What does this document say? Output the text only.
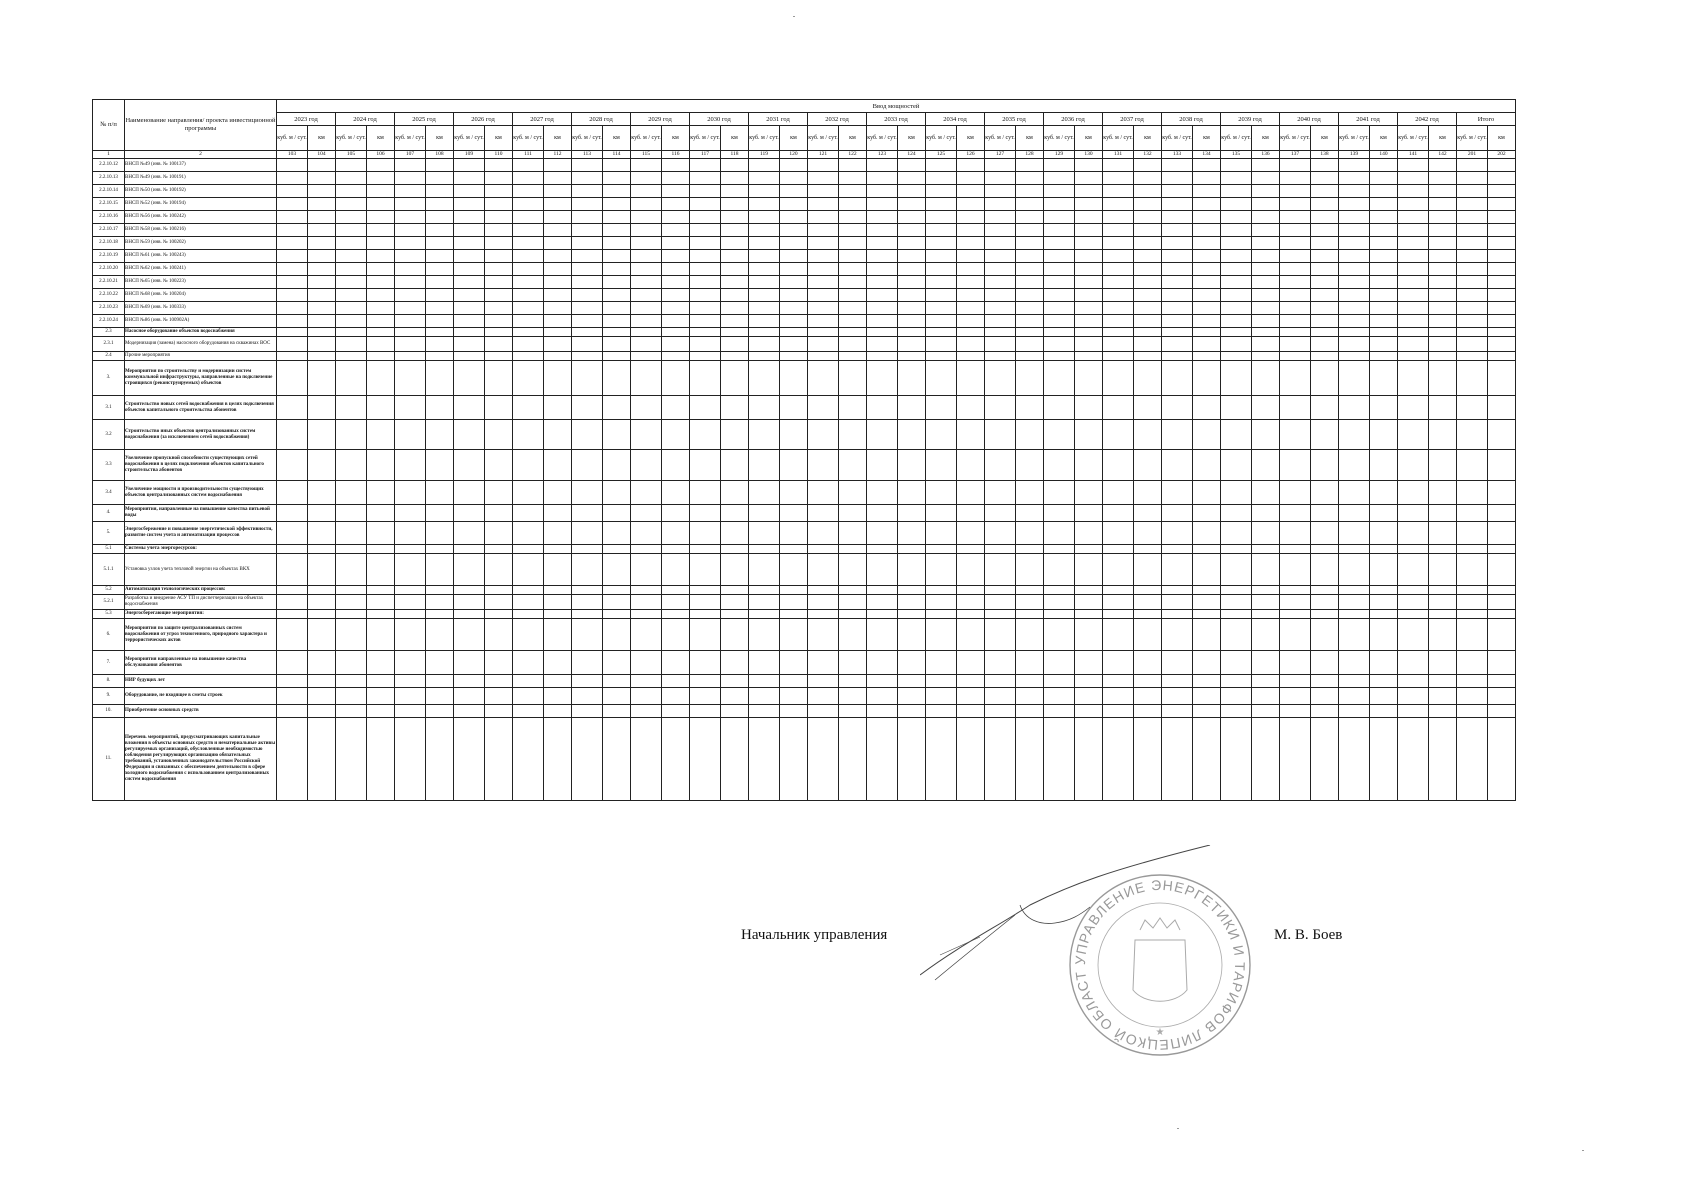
№ п/п	Наименование направления/ проекта инвестиционной программы	Ввод мощностей																																									
		2023 год		2024 год		2025 год		2026 год		2027 год		2028 год		2029 год		2030 год		2031 год		2032 год		2033 год		2034 год		2035 год		2036 год		2037 год		2038 год		2039 год		2040 год		2041 год		2042 год		Итого	
		куб. м / сут.	км	куб. м / сут.	км	куб. м / сут.	км	куб. м / сут.	км	куб. м / сут.	км	куб. м / сут.	км	куб. м / сут.	км	куб. м / сут.	км	куб. м / сут.	км	куб. м / сут.	км	куб. м / сут.	км	куб. м / сут.	км	куб. м / сут.	км	куб. м / сут.	км	куб. м / сут.	км	куб. м / сут.	км	куб. м / сут.	км	куб. м / сут.	км	куб. м / сут.	км	куб. м / сут.	км	куб. м / сут.	км
1	2	103	104	105	106	107	108	109	110	111	112	113	114	115	116	117	118	119	120	121	122	123	124	125	126	127	128	129	130	131	132	133	134	135	136	137	138	139	140	141	142	201	202
2.2.10.12	ВНСП №49 (инв. № 100137)																																										
2.2.10.13	ВНСП №49 (инв. № 100191)																																										
2.2.10.14	ВНСП №50 (инв. № 100192)																																										
2.2.10.15	ВНСП №52 (инв. № 100194)																																										
2.2.10.16	ВНСП №56 (инв. № 100242)																																										
2.2.10.17	ВНСП №58 (инв. № 100216)																																										
2.2.10.18	ВНСП №59 (инв. № 100202)																																										
2.2.10.19	ВНСП №61 (инв. № 100243)																																										
2.2.10.20	ВНСП №62 (инв. № 100241)																																										
2.2.10.21	ВНСП №65 (инв. № 100223)																																										
2.2.10.22	ВНСП №68 (инв. № 100204)																																										
2.2.10.23	ВНСП №69 (инв. № 100333)																																										
2.2.10.24	ВНСП №86 (инв. № 100902А)																																										
2.3	Насосное оборудование объектов водоснабжения																																										
2.3.1	Модернизация (замена) насосного оборудования на скважинах ВОС																																										
2.4	Прочие мероприятия																																										
3.	Мероприятия по строительству и модернизации систем коммунальной инфраструктуры, направленные на подключение строящихся (реконструируемых) объектов																																										
3.1	Строительство новых сетей водоснабжения в целях подключения объектов капитального строительства абонентов																																										
3.2	Строительство иных объектов централизованных систем водоснабжения (за исключением сетей водоснабжения)																																										
3.3	Увеличение пропускной способности существующих сетей водоснабжения в целях подключения объектов капитального строительства абонентов																																										
3.4	Увеличение мощности и производительности существующих объектов централизованных систем водоснабжения																																										
4.	Мероприятия, направленные на повышение качества питьевой воды																																										
5.	Энергосбережение и повышение энергетической эффективности, развитие систем учета и автоматизации процессов																																										
5.1	Системы учета энергоресурсов:																																										
5.1.1	Установка узлов учета тепловой энергии на объектах ВКХ																																										
5.2	Автоматизация технологических процессов:																																										
5.2.1	Разработка и внедрение АСУ ТП и диспетчеризации на объектах водоснабжения																																										
5.3	Энергосберегающие мероприятия:																																										
6.	Мероприятия по защите централизованных систем водоснабжения от угроз техногенного, природного характера и террористических актов																																										
7.	Мероприятия направленные на повышение качества обслуживания абонентов																																										
8.	НИР будущих лет																																										
9.	Оборудование, не входящее в сметы строек																																										
10.	Приобретение основных средств																																										
11.	Перечень мероприятий, предусматривающих капитальные вложения в объекты основных средств и нематериальные активы регулируемых организаций, обусловленные необходимостью соблюдения регулирующих организацию обязательных требований, установленных законодательством Российской Федерации и связанных с обеспечением деятельности в сфере холодного водоснабжения с использованием централизованных систем водоснабжения																																										
УПРАВЛЕНИЕ ЭНЕРГЕТИКИ И ТАРИФОВ ЛИПЕЦКОЙ ОБЛАСТ
★
Начальник управления	М. В. Боев
